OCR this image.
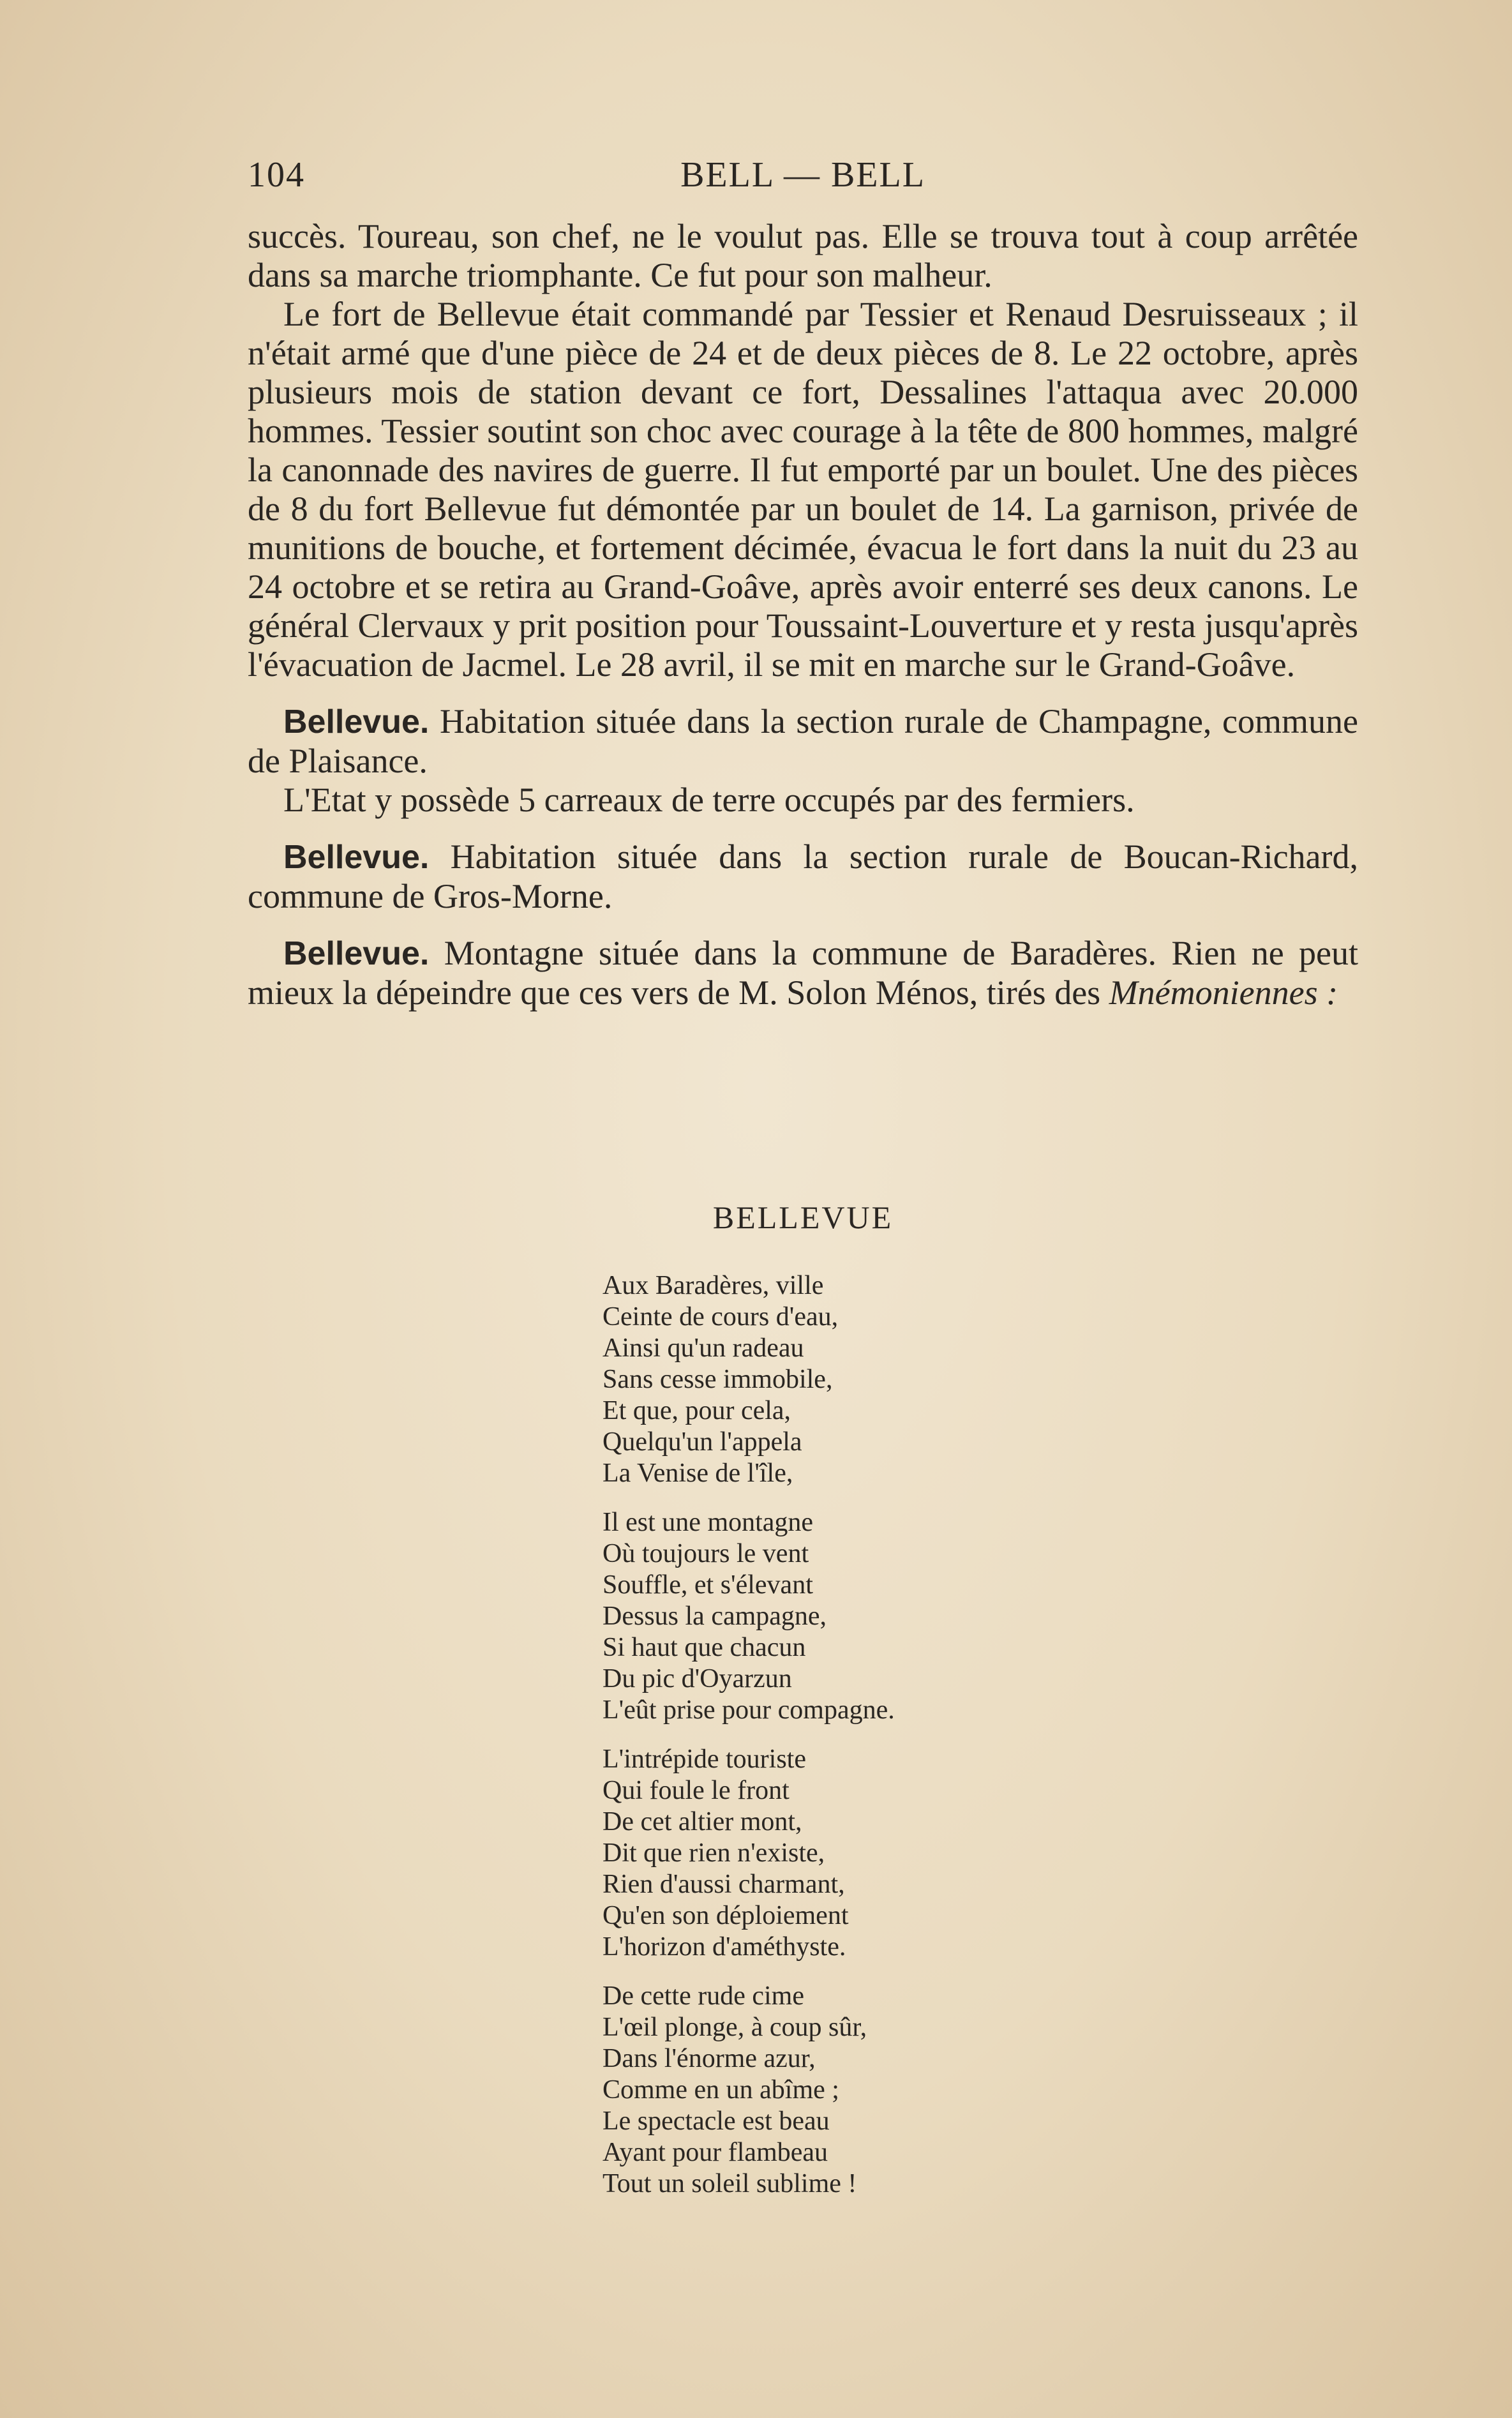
104	BELL — BELL

succès. Toureau, son chef, ne le voulut pas. Elle se trouva tout à coup arrêtée dans sa marche triomphante. Ce fut pour son malheur.

Le fort de Bellevue était commandé par Tessier et Renaud Desruisseaux ; il n'était armé que d'une pièce de 24 et de deux pièces de 8. Le 22 octobre, après plusieurs mois de station devant ce fort, Dessalines l'attaqua avec 20.000 hommes. Tessier soutint son choc avec courage à la tête de 800 hommes, malgré la canonnade des navires de guerre. Il fut emporté par un boulet. Une des pièces de 8 du fort Bellevue fut démontée par un boulet de 14. La garnison, privée de munitions de bouche, et fortement décimée, évacua le fort dans la nuit du 23 au 24 octobre et se retira au Grand-Goâve, après avoir enterré ses deux canons. Le général Clervaux y prit position pour Toussaint-Louverture et y resta jusqu'après l'évacuation de Jacmel. Le 28 avril, il se mit en marche sur le Grand-Goâve.

Bellevue. Habitation située dans la section rurale de Champagne, commune de Plaisance.

L'Etat y possède 5 carreaux de terre occupés par des fermiers.

Bellevue. Habitation située dans la section rurale de Boucan-Richard, commune de Gros-Morne.

Bellevue. Montagne située dans la commune de Baradères. Rien ne peut mieux la dépeindre que ces vers de M. Solon Ménos, tirés des Mnémoniennes :

BELLEVUE
Aux Baradères, ville
Ceinte de cours d'eau,
Ainsi qu'un radeau
Sans cesse immobile,
Et que, pour cela,
Quelqu'un l'appela
La Venise de l'île,
Il est une montagne
Où toujours le vent
Souffle, et s'élevant
Dessus la campagne,
Si haut que chacun
Du pic d'Oyarzun
L'eût prise pour compagne.
L'intrépide touriste
Qui foule le front
De cet altier mont,
Dit que rien n'existe,
Rien d'aussi charmant,
Qu'en son déploiement
L'horizon d'améthyste.
De cette rude cime
L'œil plonge, à coup sûr,
Dans l'énorme azur,
Comme en un abîme ;
Le spectacle est beau
Ayant pour flambeau
Tout un soleil sublime !
